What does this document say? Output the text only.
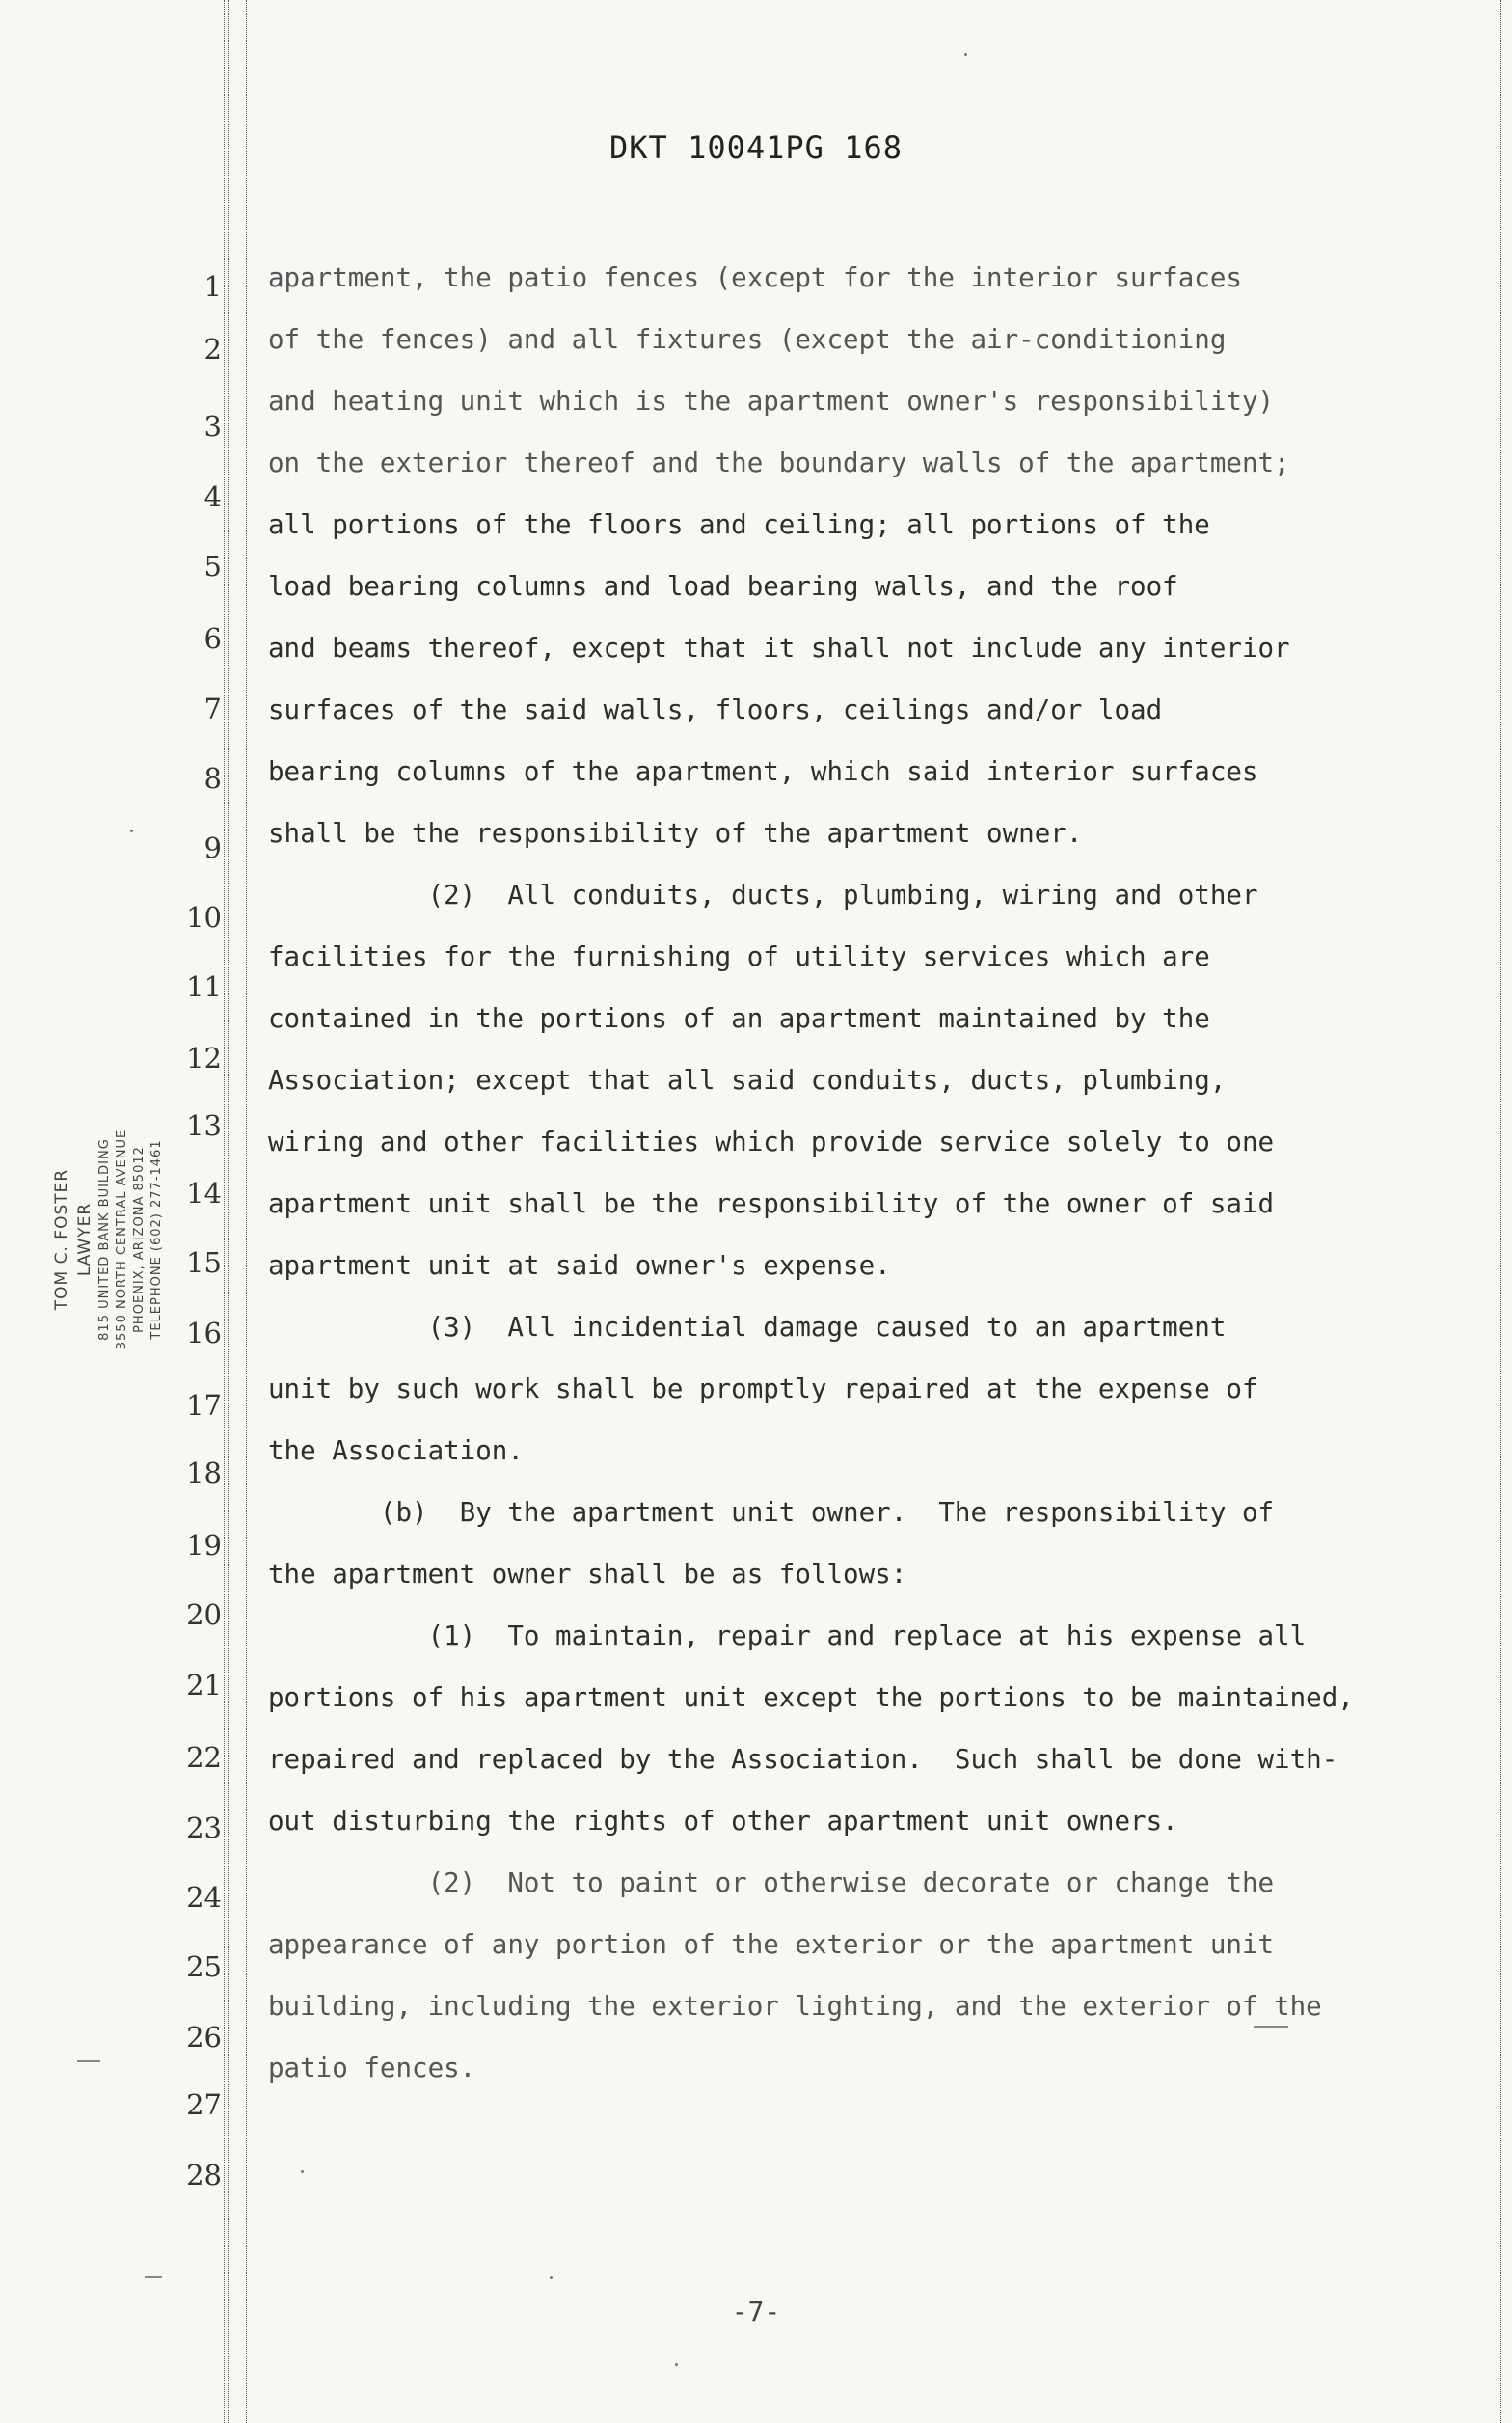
DKT 10041PG 168
TOM C. FOSTER LAWYER 815 UNITED BANK BUILDING 3550 NORTH CENTRAL AVENUE PHOENIX, ARIZONA 85012 TELEPHONE (602) 277-1461
1
2
3
4
5
6
7
8
9
10
11
12
13
14
15
16
17
18
19
20
21
22
23
24
25
26
27
28
apartment, the patio fences (except for the interior surfaces
of the fences) and all fixtures (except the air-conditioning
and heating unit which is the apartment owner's responsibility)
on the exterior thereof and the boundary walls of the apartment;
all portions of the floors and ceiling; all portions of the
load bearing columns and load bearing walls, and the roof
and beams thereof, except that it shall not include any interior
surfaces of the said walls, floors, ceilings and/or load
bearing columns of the apartment, which said interior surfaces
shall be the responsibility of the apartment owner.
(2)  All conduits, ducts, plumbing, wiring and other
facilities for the furnishing of utility services which are
contained in the portions of an apartment maintained by the
Association; except that all said conduits, ducts, plumbing,
wiring and other facilities which provide service solely to one
apartment unit shall be the responsibility of the owner of said
apartment unit at said owner's expense.
(3)  All incidential damage caused to an apartment
unit by such work shall be promptly repaired at the expense of
the Association.
(b)  By the apartment unit owner.  The responsibility of
the apartment owner shall be as follows:
(1)  To maintain, repair and replace at his expense all
portions of his apartment unit except the portions to be maintained,
repaired and replaced by the Association.  Such shall be done with-
out disturbing the rights of other apartment unit owners.
(2)  Not to paint or otherwise decorate or change the
appearance of any portion of the exterior or the apartment unit
building, including the exterior lighting, and the exterior of the
patio fences.
-7-
